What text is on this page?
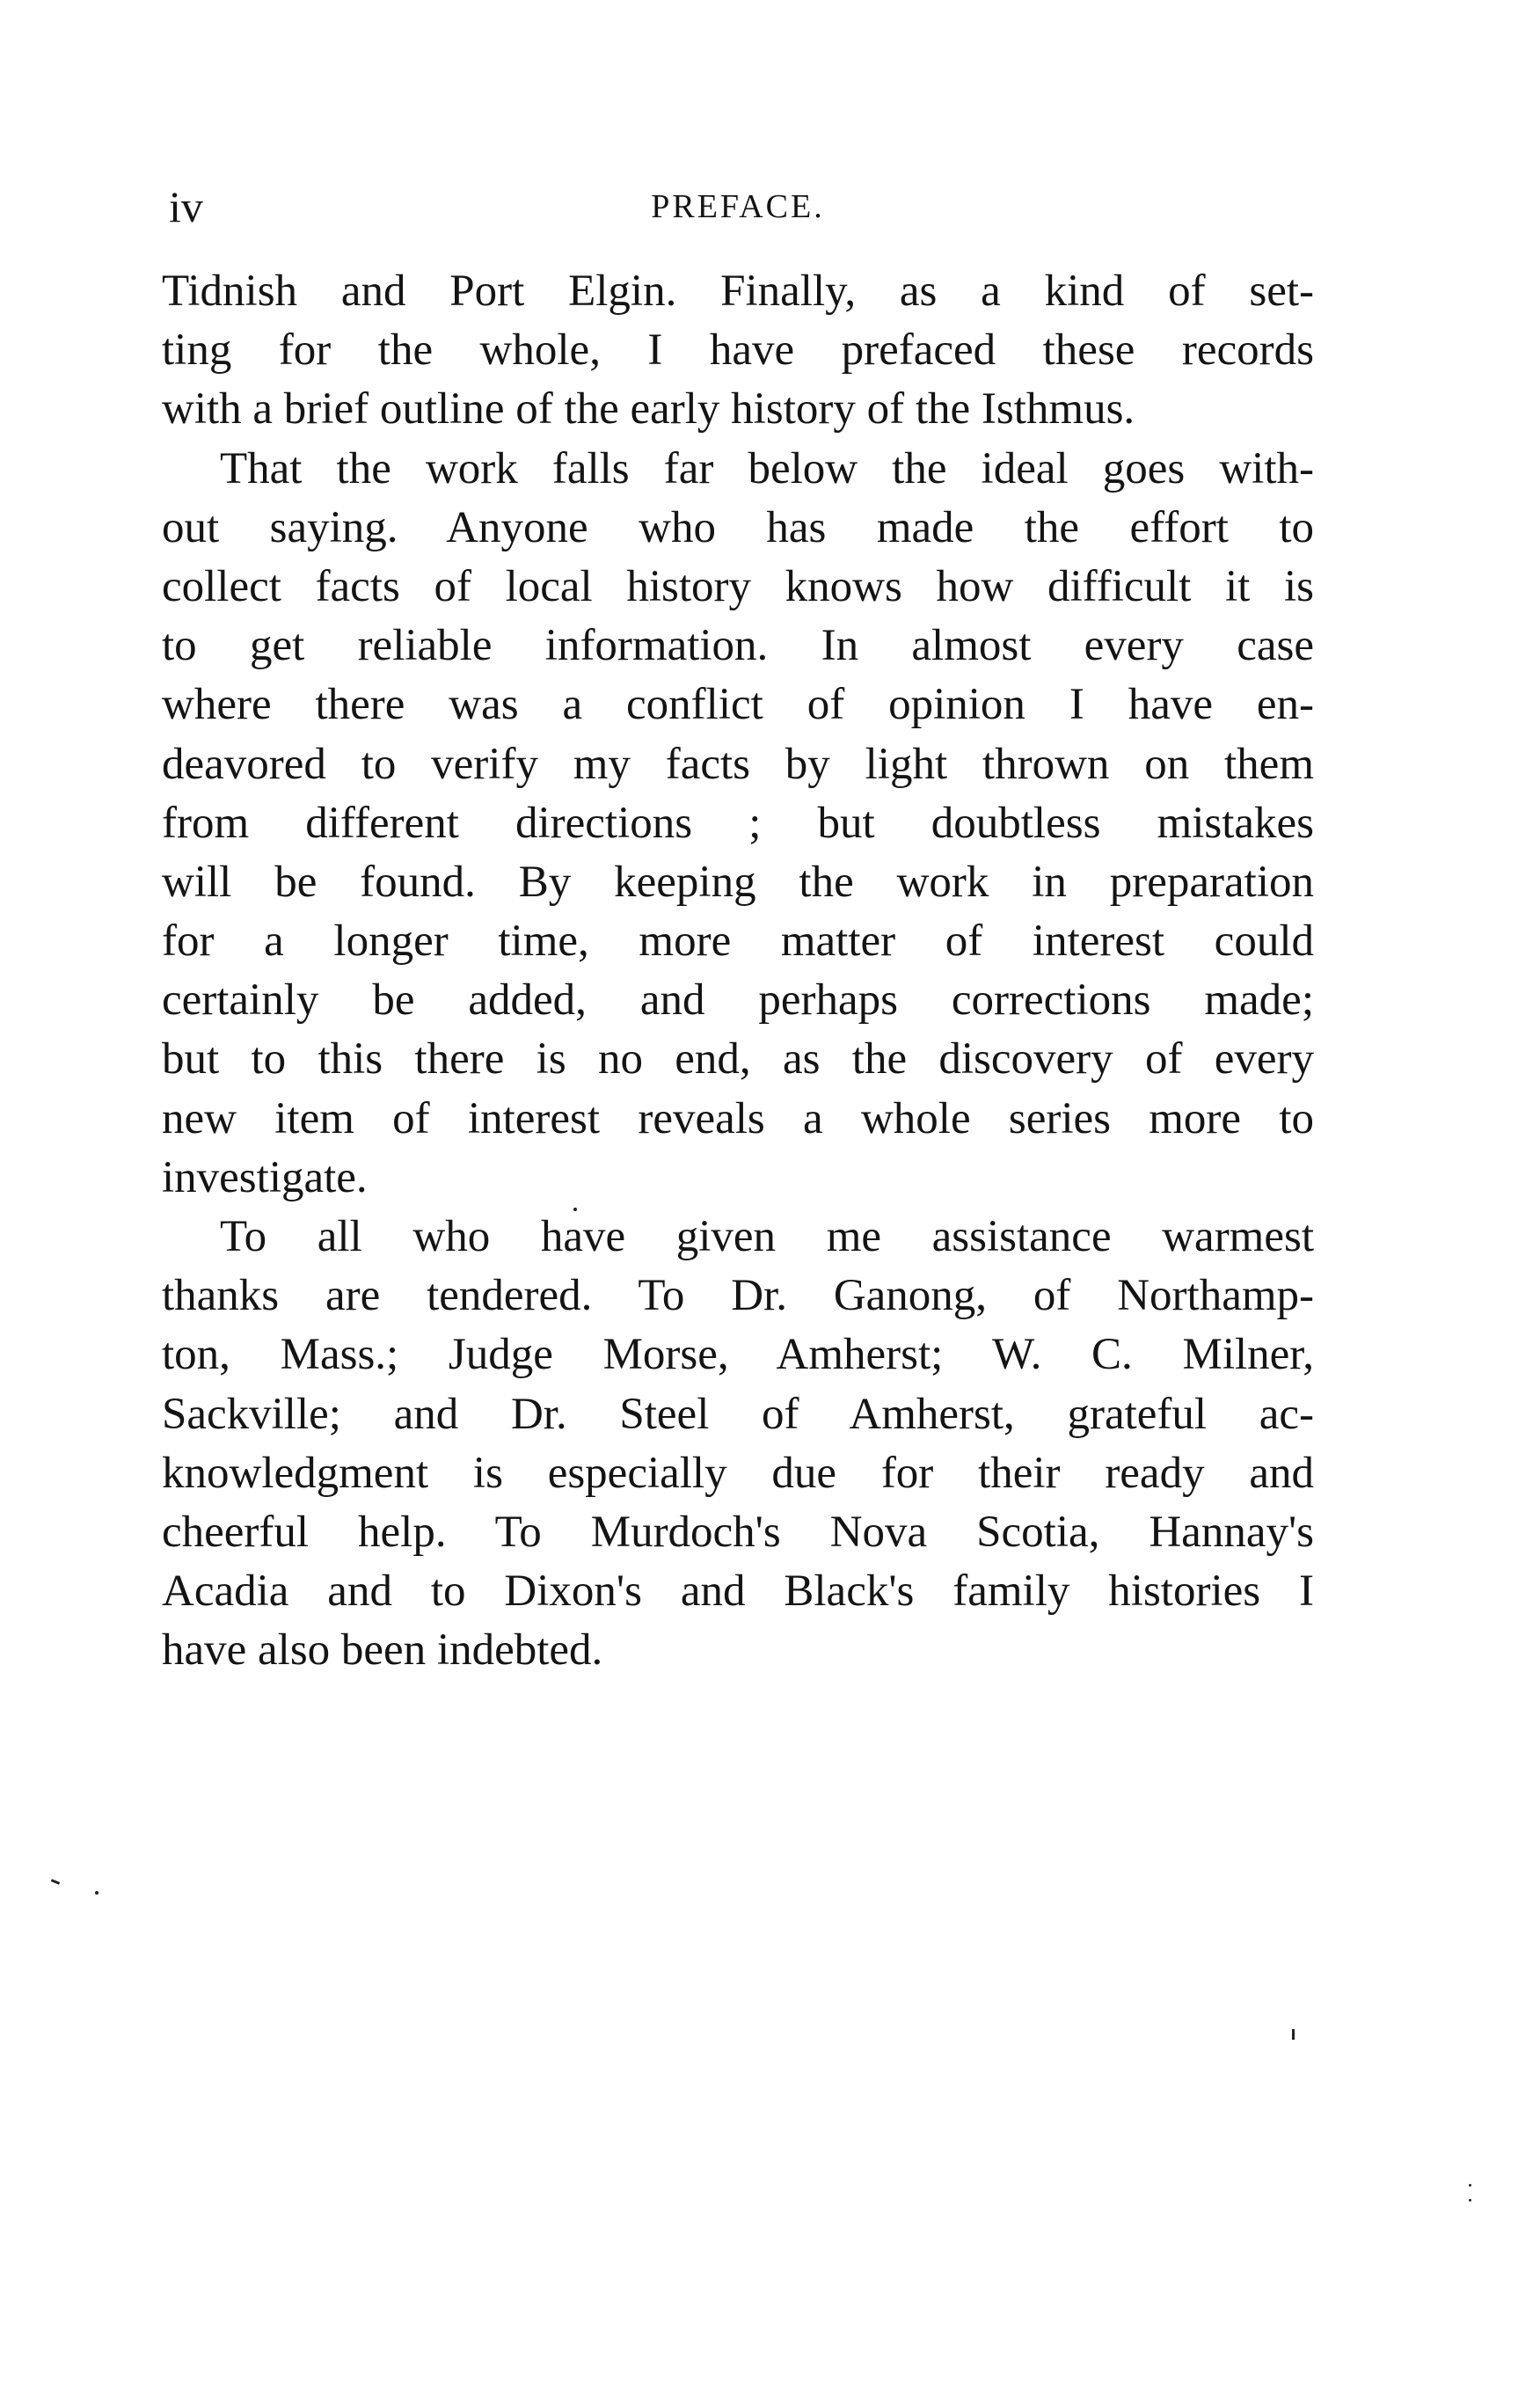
iv	PREFACE.
Tidnish and Port Elgin. Finally, as a kind of set-
ting for the whole, I have prefaced these records
with a brief outline of the early history of the Isthmus.
That the work falls far below the ideal goes with-
out saying. Anyone who has made the effort to
collect facts of local history knows how difficult it is
to get reliable information. In almost every case
where there was a conflict of opinion I have en-
deavored to verify my facts by light thrown on them
from different directions ; but doubtless mistakes
will be found. By keeping the work in preparation
for a longer time, more matter of interest could
certainly be added, and perhaps corrections made;
but to this there is no end, as the discovery of every
new item of interest reveals a whole series more to
investigate.
To all who have given me assistance warmest
thanks are tendered. To Dr. Ganong, of Northamp-
ton, Mass.; Judge Morse, Amherst; W. C. Milner,
Sackville; and Dr. Steel of Amherst, grateful ac-
knowledgment is especially due for their ready and
cheerful help. To Murdoch's Nova Scotia, Hannay's
Acadia and to Dixon's and Black's family histories I
have also been indebted.
